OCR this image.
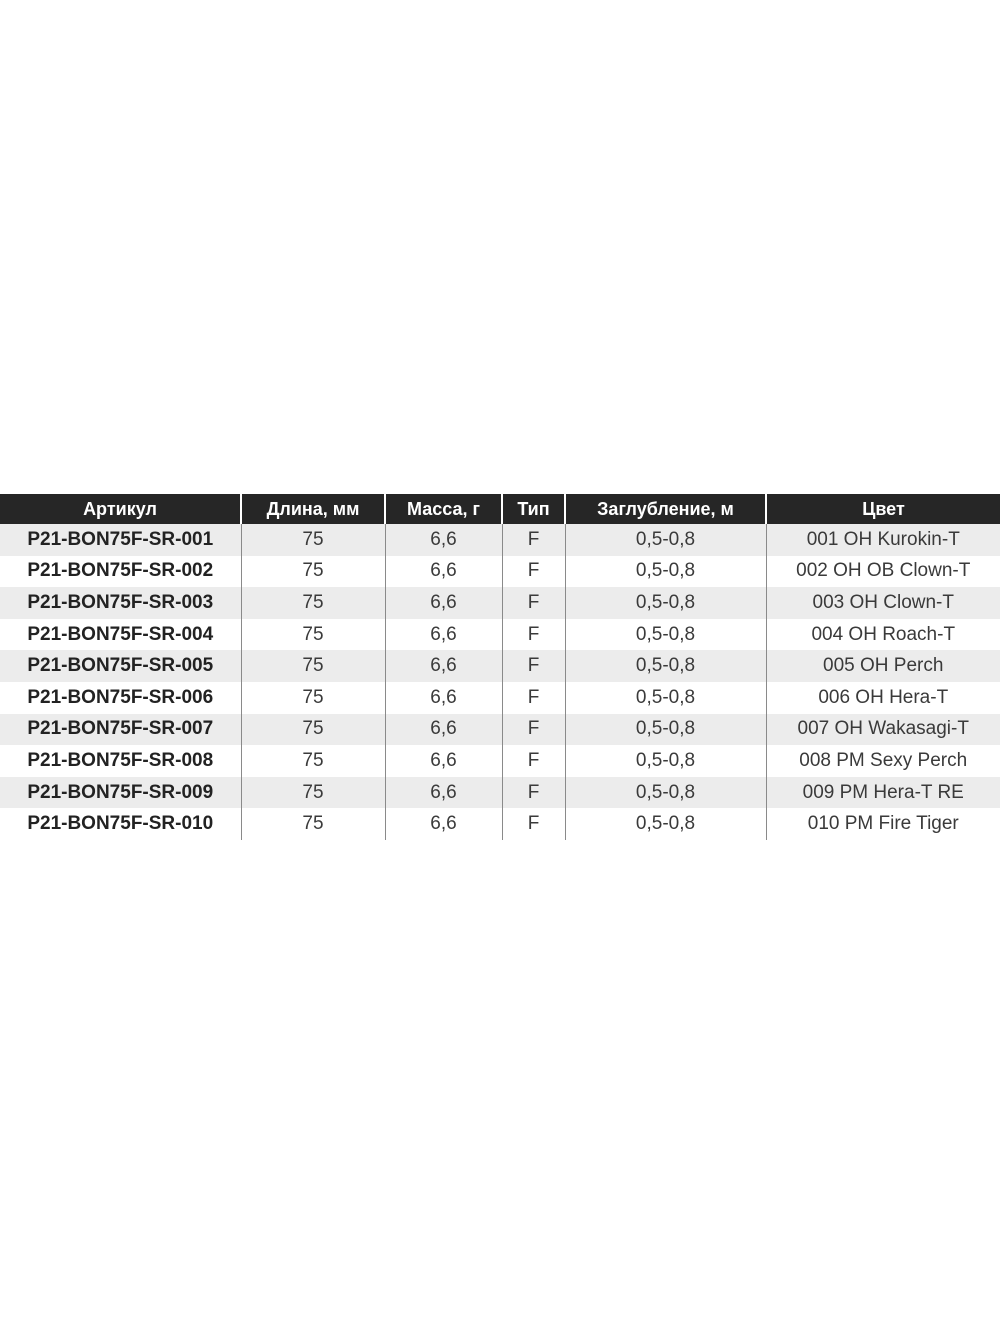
Артикул	Длина, мм	Масса, г	Тип	Заглубление, м	Цвет
P21-BON75F-SR-001	75	6,6	F	0,5-0,8	001 OH Kurokin-T
P21-BON75F-SR-002	75	6,6	F	0,5-0,8	002 OH OB Clown-T
P21-BON75F-SR-003	75	6,6	F	0,5-0,8	003 OH Clown-T
P21-BON75F-SR-004	75	6,6	F	0,5-0,8	004 OH Roach-T
P21-BON75F-SR-005	75	6,6	F	0,5-0,8	005 OH Perch
P21-BON75F-SR-006	75	6,6	F	0,5-0,8	006 OH Hera-T
P21-BON75F-SR-007	75	6,6	F	0,5-0,8	007 OH Wakasagi-T
P21-BON75F-SR-008	75	6,6	F	0,5-0,8	008 PM Sexy Perch
P21-BON75F-SR-009	75	6,6	F	0,5-0,8	009 PM Hera-T RE
P21-BON75F-SR-010	75	6,6	F	0,5-0,8	010 PM Fire Tiger
